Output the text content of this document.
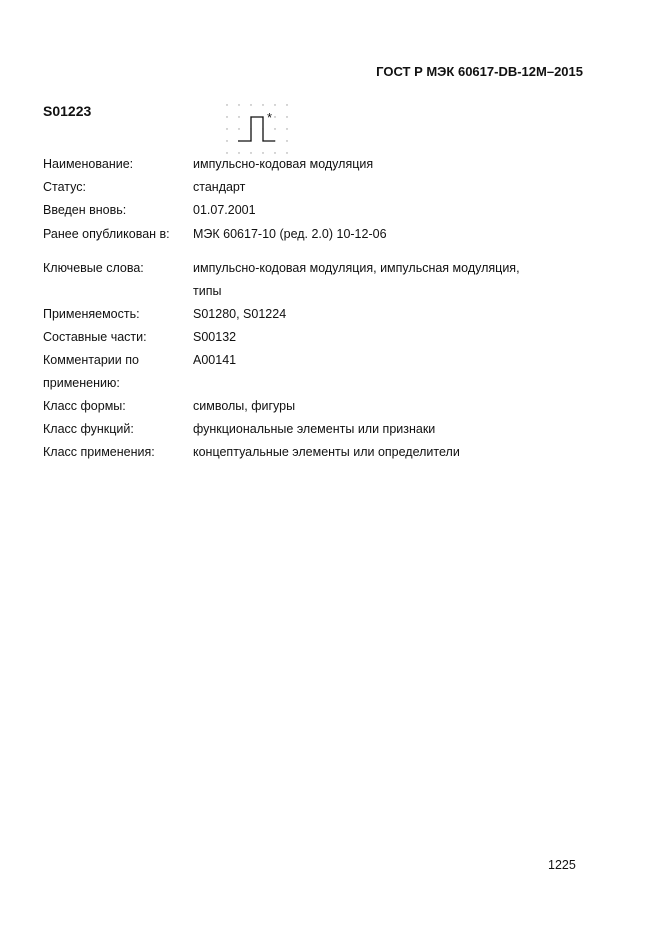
ГОСТ Р МЭК 60617-DB-12M–2015
S01223	*
Наименование:	импульсно-кодовая модуляция
Статус:	стандарт
Введен вновь:	01.07.2001
Ранее опубликован в: МЭК 60617-10 (ред. 2.0) 10-12-06
Ключевые слова:	импульсно-кодовая модуляция, импульсная модуляция,
типы
Применяемость:	S01280, S01224
Составные части:	S00132
Комментарии по
применению:
A00141
Класс формы:	символы, фигуры
Класс функций:	функциональные элементы или признаки
Класс применения:	концептуальные элементы или определители
1225
